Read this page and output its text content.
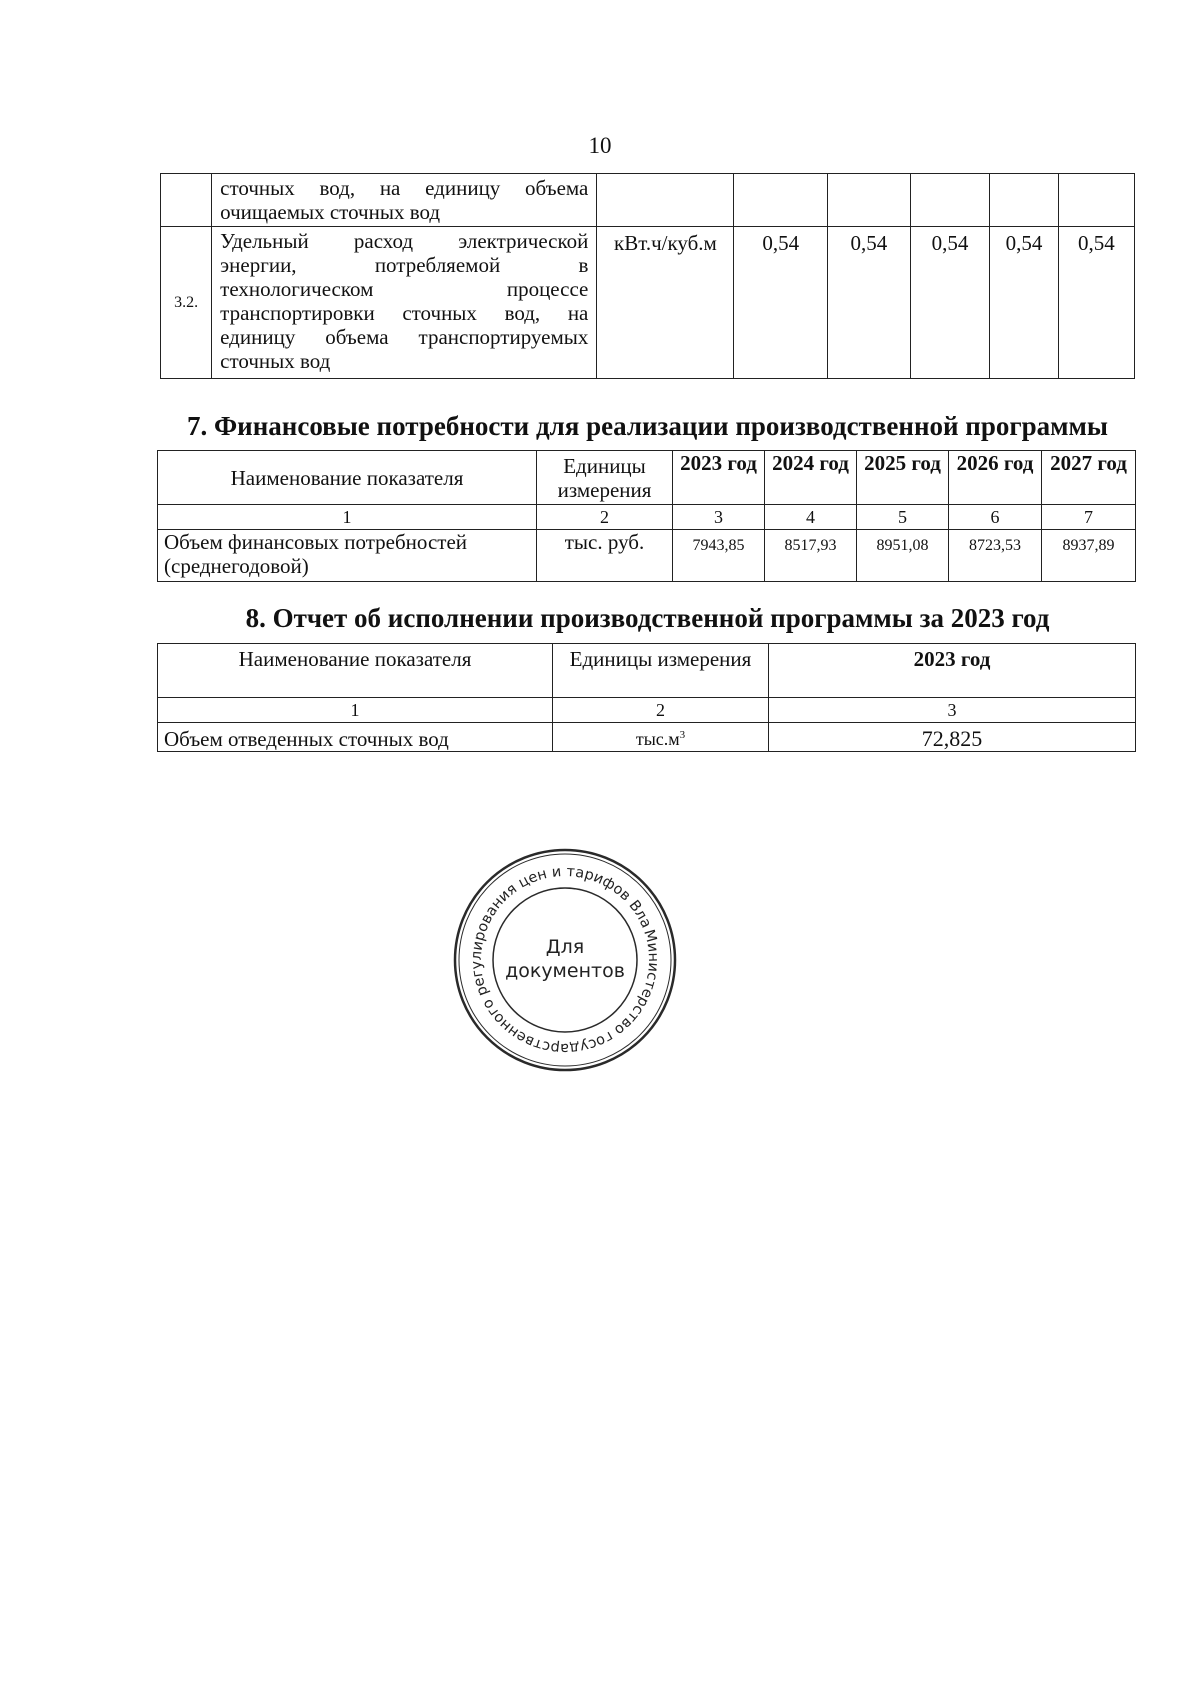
10
	сточных вод, на единицу объема очищаемых сточных вод						
3.2.	Удельный расход электрической энергии, потребляемой в технологическом процессе транспортировки сточных вод, на единицу объема транспортируемых сточных вод	кВт.ч/куб.м	0,54	0,54	0,54	0,54	0,54
7. Финансовые потребности для реализации производственной программы
Наименование показателя	Единицы измерения	2023 год	2024 год	2025 год	2026 год	2027 год
1	2	3	4	5	6	7
Объем финансовых потребностей (среднегодовой)	тыс. руб.	7943,85	8517,93	8951,08	8723,53	8937,89
8. Отчет об исполнении производственной программы за 2023 год
Наименование показателя	Единицы измерения	2023 год
1	2	3
Объем отведенных сточных вод	$тыс.м^3$	72,825
Министерство государственного регулирования цен и тарифов Вла
Для
документов
